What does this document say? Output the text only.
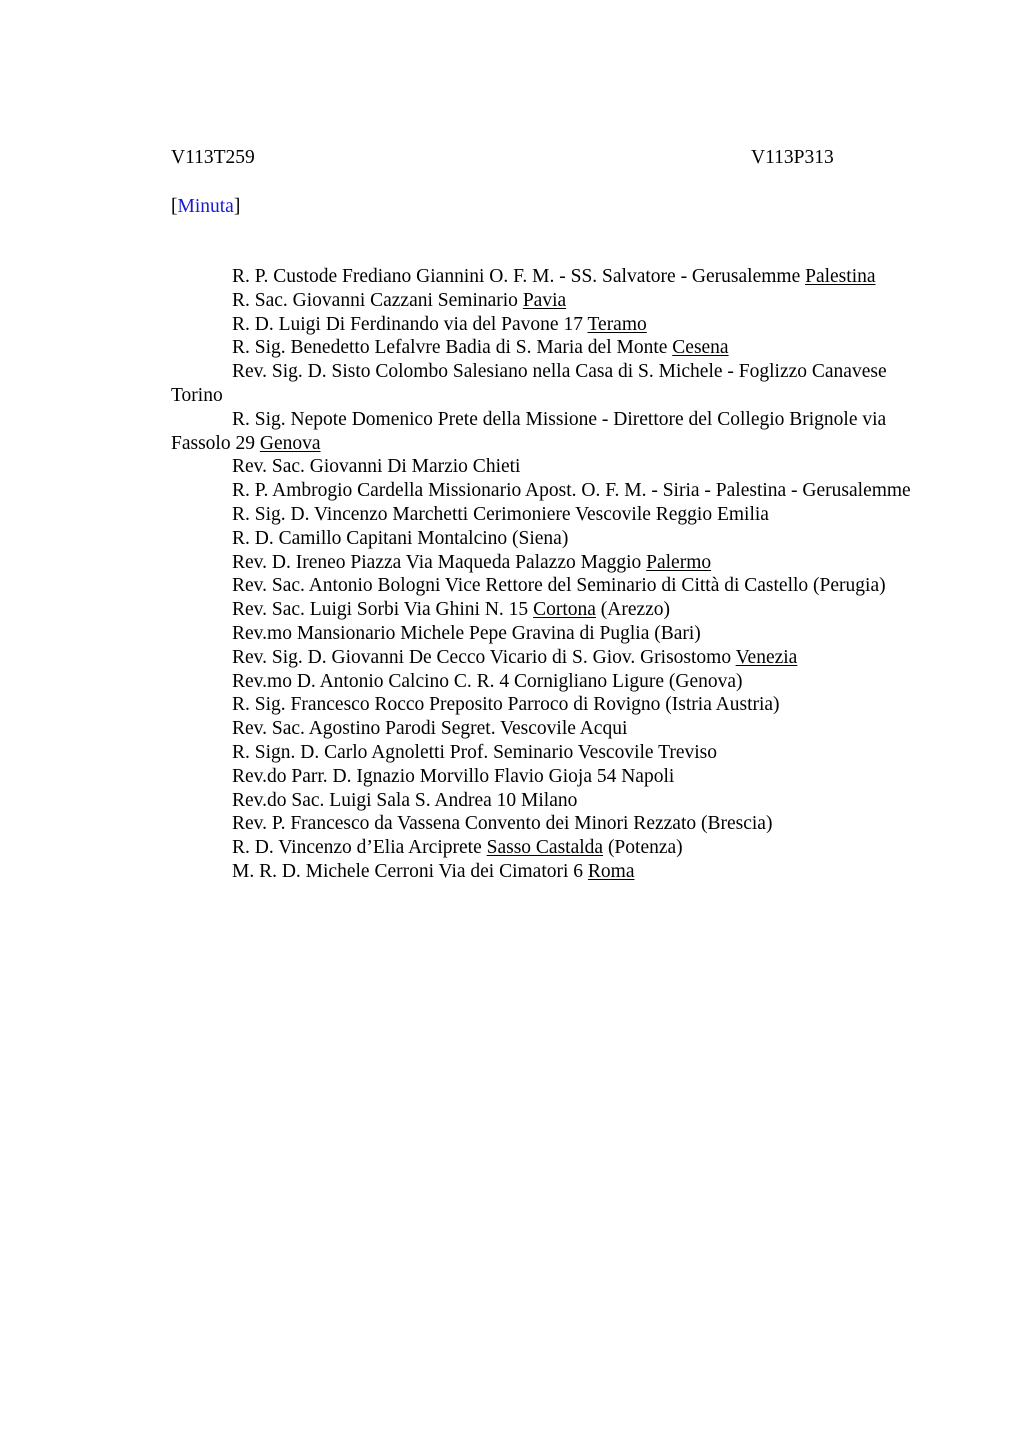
V113T259	V113P313
[Minuta]

R. P. Custode Frediano Giannini O. F. M. - SS. Salvatore - Gerusalemme Palestina

R. Sac. Giovanni Cazzani Seminario Pavia

R. D. Luigi Di Ferdinando via del Pavone 17 Teramo

R. Sig. Benedetto Lefalvre Badia di S. Maria del Monte Cesena

Rev. Sig. D. Sisto Colombo Salesiano nella Casa di S. Michele - Foglizzo Canavese Torino

R. Sig. Nepote Domenico Prete della Missione - Direttore del Collegio Brignole via Fassolo 29 Genova

Rev. Sac. Giovanni Di Marzio Chieti

R. P. Ambrogio Cardella Missionario Apost. O. F. M. - Siria - Palestina - Gerusalemme

R. Sig. D. Vincenzo Marchetti Cerimoniere Vescovile Reggio Emilia

R. D. Camillo Capitani Montalcino (Siena)

Rev. D. Ireneo Piazza Via Maqueda Palazzo Maggio Palermo

Rev. Sac. Antonio Bologni Vice Rettore del Seminario di Città di Castello (Perugia)

Rev. Sac. Luigi Sorbi Via Ghini N. 15 Cortona (Arezzo)

Rev.mo Mansionario Michele Pepe Gravina di Puglia (Bari)

Rev. Sig. D. Giovanni De Cecco Vicario di S. Giov. Grisostomo Venezia

Rev.mo D. Antonio Calcino C. R. 4 Cornigliano Ligure (Genova)

R. Sig. Francesco Rocco Preposito Parroco di Rovigno (Istria Austria)

Rev. Sac. Agostino Parodi Segret. Vescovile Acqui

R. Sign. D. Carlo Agnoletti Prof. Seminario Vescovile Treviso

Rev.do Parr. D. Ignazio Morvillo Flavio Gioja 54 Napoli

Rev.do Sac. Luigi Sala S. Andrea 10 Milano

Rev. P. Francesco da Vassena Convento dei Minori Rezzato (Brescia)

R. D. Vincenzo d’Elia Arciprete Sasso Castalda (Potenza)

M. R. D. Michele Cerroni Via dei Cimatori 6 Roma
